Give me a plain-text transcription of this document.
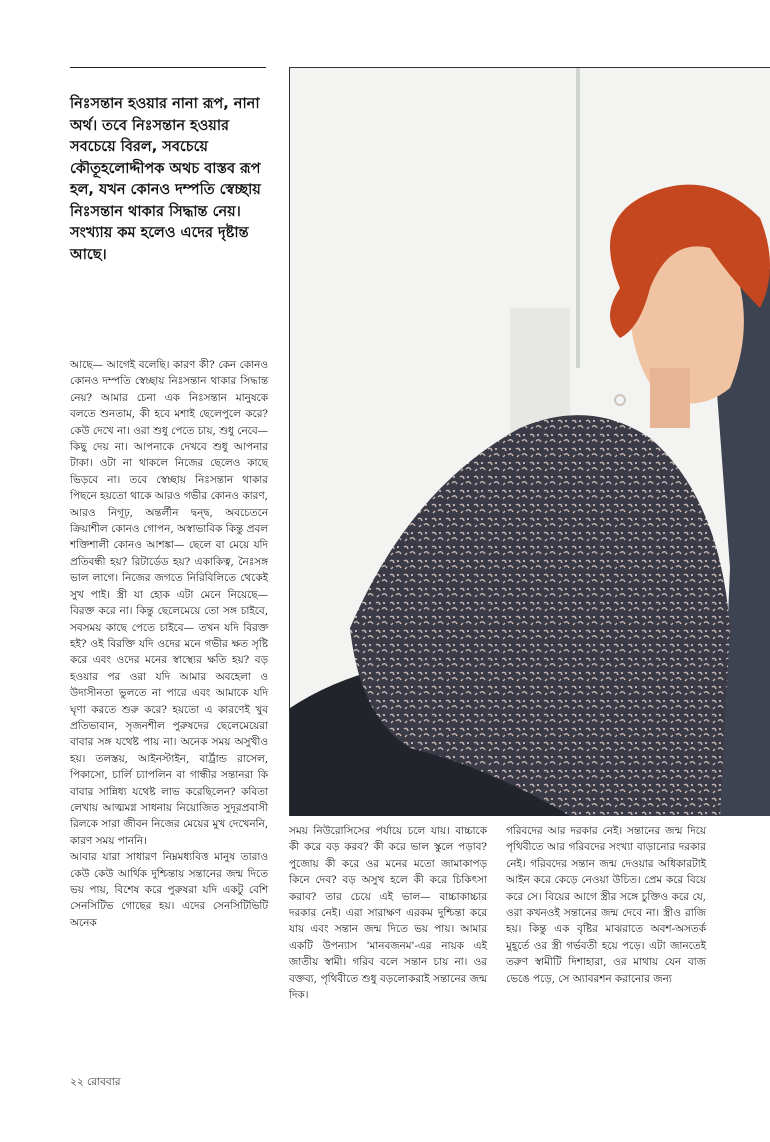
নিঃসন্তান হওয়ার নানা রূপ, নানা অর্থ। তবে নিঃসন্তান হওয়ার সবচেয়ে বিরল, সবচেয়ে কৌতূহলোদ্দীপক অথচ বাস্তব রূপ হল, যখন কোনও দম্পতি স্বেচ্ছায় নিঃসন্তান থাকার সিদ্ধান্ত নেয়। সংখ্যায় কম হলেও এদের দৃষ্টান্ত আছে।
আছে— আগেই বলেছি। কারণ কী? কেন কোনও কোনও দম্পতি স্বেচ্ছায় নিঃসন্তান থাকার সিদ্ধান্ত নেয়? আমার চেনা এক নিঃসন্তান মানুষকে বলতে শুনতাম, কী হবে মশাই ছেলেপুলে করে? কেউ দেখে না। ওরা শুধু পেতে চায়, শুধু নেবে— কিছু দেয় না। আপনাকে দেখবে শুধু আপনার টাকা। ওটা না থাকলে নিজের ছেলেও কাছে ভিড়বে না। তবে স্বেচ্ছায় নিঃসন্তান থাকার পিছনে হয়তো থাকে আরও গভীর কোনও কারণ, আরও নিগূঢ়, অন্তর্লীন দ্বন্দ্ব, অবচেতনে ক্রিয়াশীল কোনও গোপন, অস্বাভাবিক কিন্তু প্রবল শক্তিশালী কোনও আশঙ্কা— ছেলে বা মেয়ে যদি প্রতিবন্ধী হয়? রিটার্ডেড হয়? একাকিত্ব, নৈঃসঙ্গ ভাল লাগে। নিজের জগতে নিরিবিলিতে থেকেই সুখ পাই। স্ত্রী যা হোক এটা মেনে নিয়েছে— বিরক্ত করে না। কিন্তু ছেলেমেয়ে তো সঙ্গ চাইবে, সবসময় কাছে পেতে চাইবে— তখন যদি বিরক্ত হই? ওই বিরক্তি যদি ওদের মনে গভীর ক্ষত সৃষ্টি করে এবং ওদের মনের স্বাস্থ্যের ক্ষতি হয়? বড় হওয়ার পর ওরা যদি আমার অবহেলা ও উদাসীনতা ভুলতে না পারে এবং আমাকে যদি ঘৃণা করতে শুরু করে? হয়তো এ কারণেই খুব প্রতিভাবান, সৃজনশীল পুরুষদের ছেলেমেয়েরা বাবার সঙ্গ যথেষ্ট পায় না। অনেক সময় অসুখীও হয়। তলস্তয়, আইনস্টাইন, বার্ট্রান্ড রাসেল, পিকাসো, চার্লি চ্যাপলিন বা গান্ধীর সন্তানরা কি বাবার সান্নিধ্য যথেষ্ট লাভ করেছিলেন? কবিতা লেখায় আত্মমগ্ন সাধনায় নিয়োজিত সুদূরপ্রবাসী রিলকে সারা জীবন নিজের মেয়ের মুখ দেখেননি, কারণ সময় পাননি।
আবার যারা সাধারণ নিম্নমধ্যবিত্ত মানুষ তারাও কেউ কেউ আর্থিক দুশ্চিন্তায় সন্তানের জন্ম দিতে ভয় পায়, বিশেষ করে পুরুষরা যদি একটু বেশি সেনসিটিভ গোছের হয়। এদের সেনসিটিভিটি অনেক
সময় নিউরোসিসের পর্যায়ে চলে যায়। বাচ্চাকে কী করে বড় করব? কী করে ভাল স্কুলে পড়াব? পুজোয় কী করে ওর মনের মতো জামাকাপড় কিনে দেব? বড় অসুখ হলে কী করে চিকিৎসা করাব? তার চেয়ে এই ভাল— বাচ্চাকাচ্চার দরকার নেই। এরা সারাক্ষণ এরকম দুশ্চিন্তা করে যায় এবং সন্তান জন্ম দিতে ভয় পায়। আমার একটি উপন্যাস 'মানবজনম'-এর নায়ক এই জাতীয় স্বামী। গরিব বলে সন্তান চায় না। ওর বক্তব্য, পৃথিবীতে শুধু বড়লোকরাই সন্তানের জন্ম দিক।
গরিবদের আর দরকার নেই। সন্তানের জন্ম দিয়ে পৃথিবীতে আর গরিবদের সংখ্যা বাড়ানোর দরকার নেই। গরিবদের সন্তান জন্ম দেওয়ার অধিকারটাই আইন করে কেড়ে নেওয়া উচিত। প্রেম করে বিয়ে করে সে। বিয়ের আগে স্ত্রীর সঙ্গে চুক্তিও করে যে, ওরা কখনওই সন্তানের জন্ম দেবে না। স্ত্রীও রাজি হয়। কিন্তু এক বৃষ্টির মাঝরাতে অবশ-অসতর্ক মুহূর্তে ওর স্ত্রী গর্ভবতী হয়ে পড়ে। এটা জানতেই তরুণ স্বামীটি দিশাহারা, ওর মাথায় যেন বাজ ভেঙে পড়ে, সে অ্যাবরশন করানোর জন্য
২২ রোববার
